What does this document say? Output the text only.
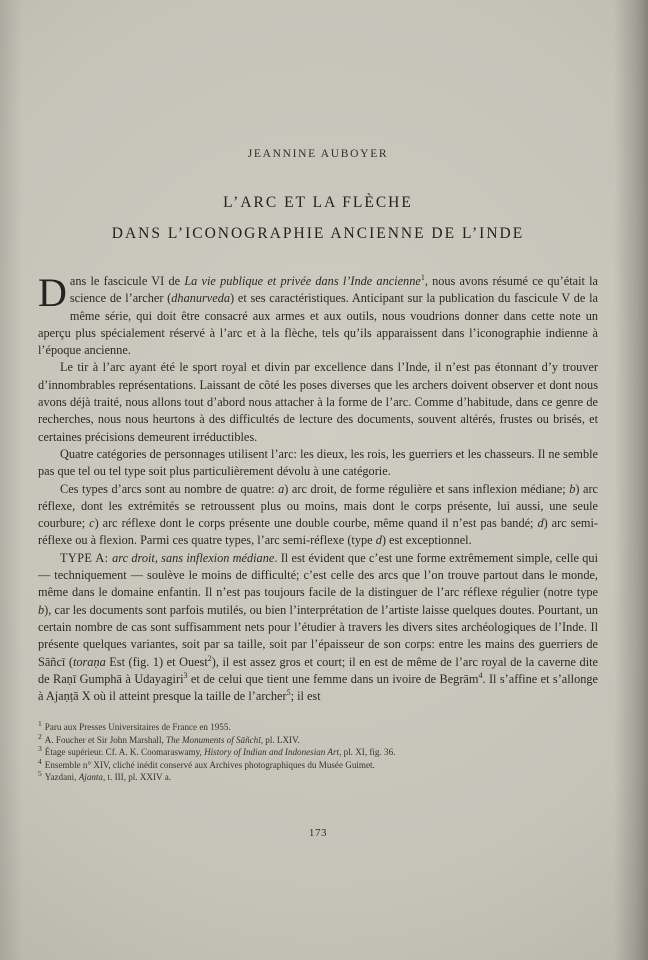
JEANNINE AUBOYER
L’ARC ET LA FLÈCHE
DANS L’ICONOGRAPHIE ANCIENNE DE L’INDE

Dans le fascicule VI de La vie publique et privée dans l’Inde ancienne$^1$, nous avons résumé ce qu’était la science de l’archer (dhanurveda) et ses caractéristiques. Anticipant sur la publication du fascicule V de la même série, qui doit être consacré aux armes et aux outils, nous voudrions donner dans cette note un aperçu plus spécialement réservé à l’arc et à la flèche, tels qu’ils apparaissent dans l’iconographie indienne à l’époque ancienne.

Le tir à l’arc ayant été le sport royal et divin par excellence dans l’Inde, il n’est pas étonnant d’y trouver d’innombrables représentations. Laissant de côté les poses diverses que les archers doivent observer et dont nous avons déjà traité, nous allons tout d’abord nous attacher à la forme de l’arc. Comme d’habitude, dans ce genre de recherches, nous nous heurtons à des difficultés de lecture des documents, souvent altérés, frustes ou brisés, et certaines précisions demeurent irréductibles.

Quatre catégories de personnages utilisent l’arc: les dieux, les rois, les guerriers et les chasseurs. Il ne semble pas que tel ou tel type soit plus particulièrement dévolu à une catégorie.

Ces types d’arcs sont au nombre de quatre: a) arc droit, de forme régulière et sans inflexion médiane; b) arc réflexe, dont les extrémités se retroussent plus ou moins, mais dont le corps présente, lui aussi, une seule courbure; c) arc réflexe dont le corps présente une double courbe, même quand il n’est pas bandé; d) arc semi-réflexe ou à flexion. Parmi ces quatre types, l’arc semi-réflexe (type d) est exceptionnel.

TYPE A: arc droit, sans inflexion médiane. Il est évident que c’est une forme extrêmement simple, celle qui — techniquement — soulève le moins de difficulté; c’est celle des arcs que l’on trouve partout dans le monde, même dans le domaine enfantin. Il n’est pas toujours facile de la distinguer de l’arc réflexe régulier (notre type b), car les documents sont parfois mutilés, ou bien l’interprétation de l’artiste laisse quelques doutes. Pourtant, un certain nombre de cas sont suffisamment nets pour l’étudier à travers les divers sites archéologiques de l’Inde. Il présente quelques variantes, soit par sa taille, soit par l’épaisseur de son corps: entre les mains des guerriers de Sāñcī (toraṇa Est (fig. 1) et Ouest$^2$), il est assez gros et court; il en est de même de l’arc royal de la caverne dite de Raṇī Gumphā à Udayagiri$^3$ et de celui que tient une femme dans un ivoire de Begrām$^4$. Il s’affine et s’allonge à Ajaṇṭā X où il atteint presque la taille de l’archer$^5$; il est

$^1$ Paru aux Presses Universitaires de France en 1955.
$^2$ A. Foucher et Sir John Marshall, The Monuments of Sāñchī, pl. LXIV.
$^3$ Étage supérieur. Cf. A. K. Coomaraswamy, History of Indian and Indonesian Art, pl. XI, fig. 36.
$^4$ Ensemble n° XIV, cliché inédit conservé aux Archives photographiques du Musée Guimet.
$^5$ Yazdani, Ajanta, t. III, pl. XXIV a.
173
